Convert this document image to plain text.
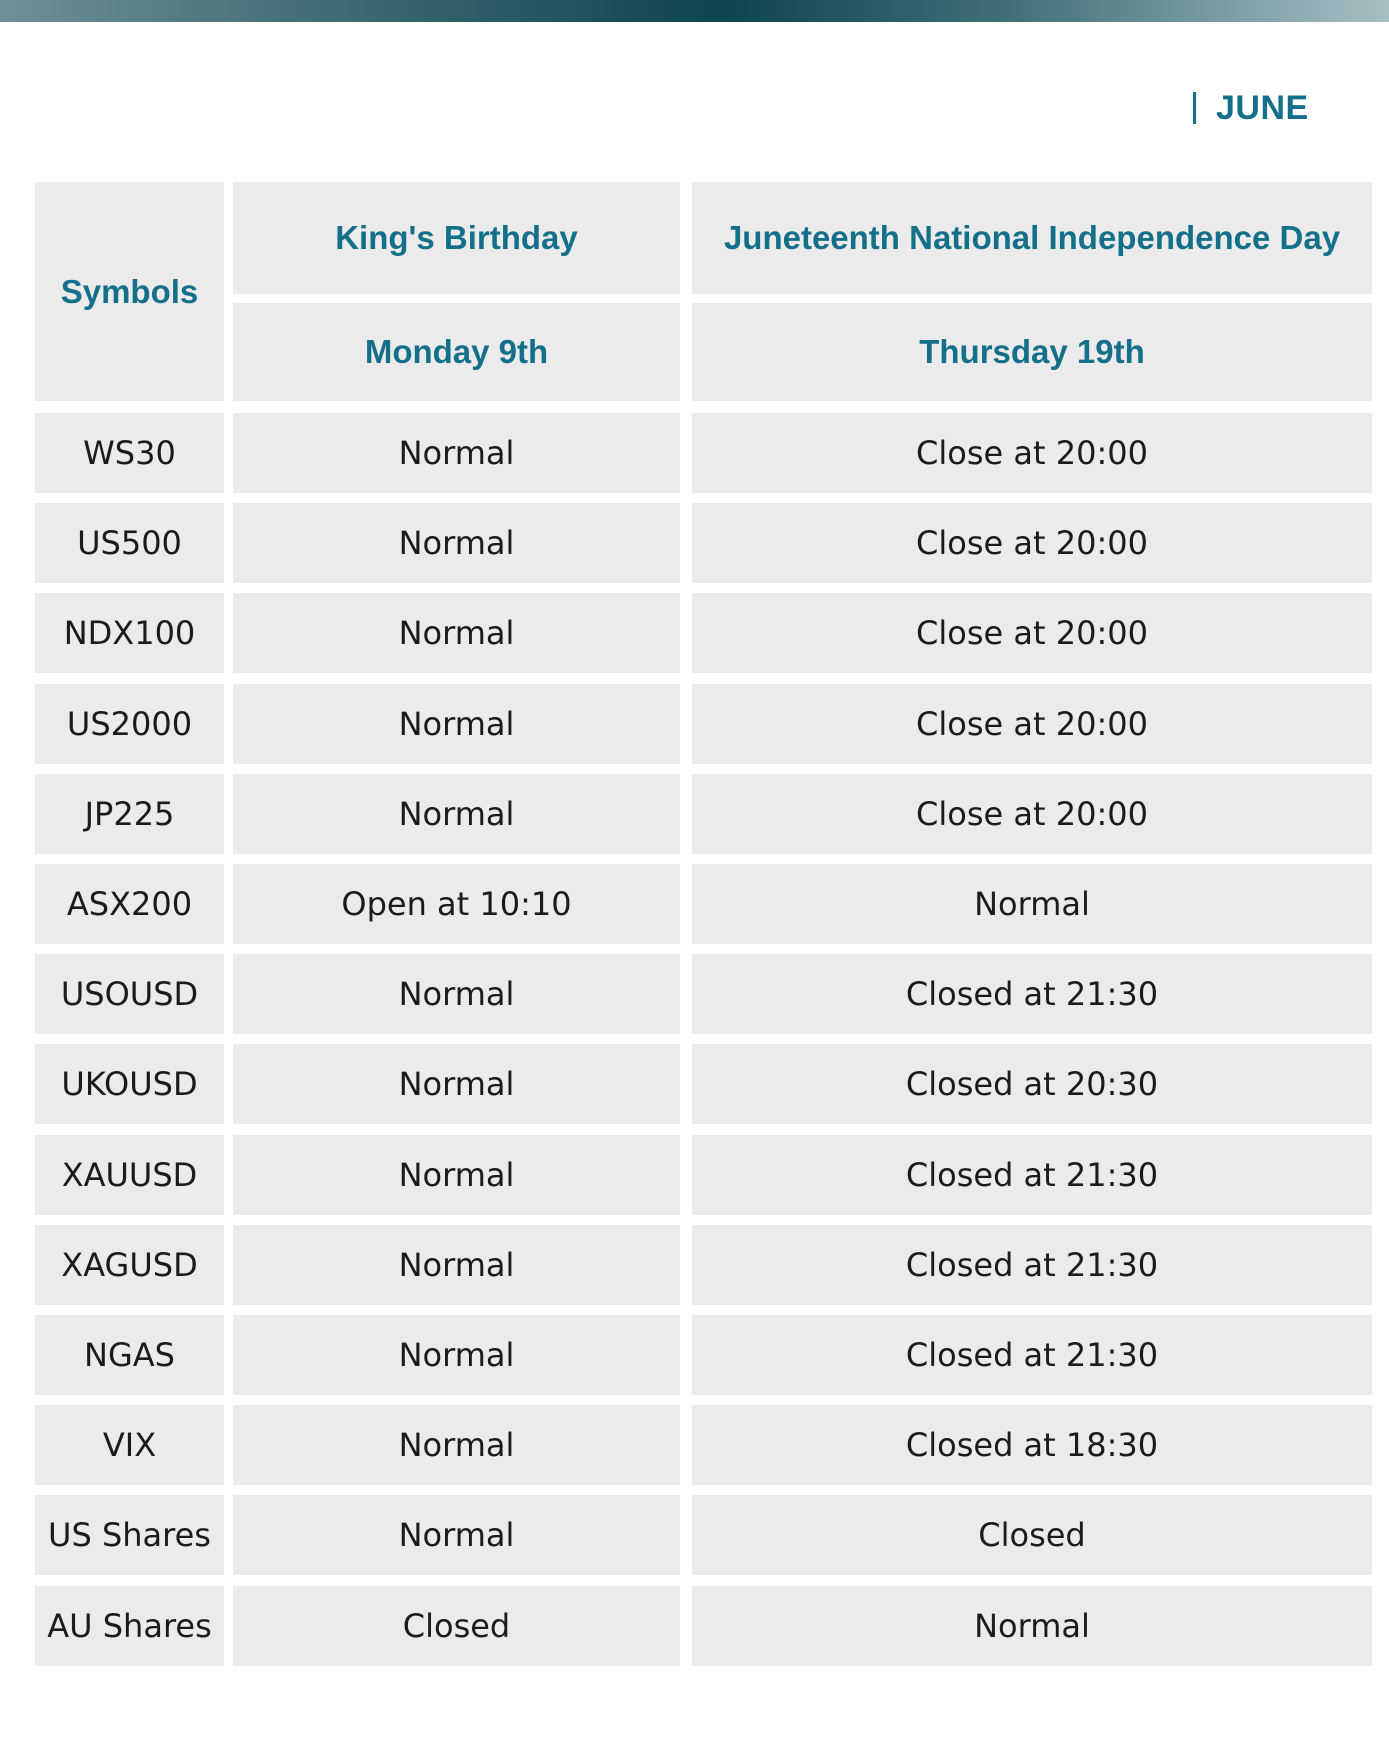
JUNE
Symbols
King's Birthday	Juneteenth National Independence Day
Monday 9th	Thursday 19th
WS30	Normal	Close at 20:00
US500	Normal	Close at 20:00
NDX100	Normal	Close at 20:00
US2000	Normal	Close at 20:00
JP225	Normal	Close at 20:00
ASX200	Open at 10:10	Normal
USOUSD	Normal	Closed at 21:30
UKOUSD	Normal	Closed at 20:30
XAUUSD	Normal	Closed at 21:30
XAGUSD	Normal	Closed at 21:30
NGAS	Normal	Closed at 21:30
VIX	Normal	Closed at 18:30
US Shares	Normal	Closed
AU Shares	Closed	Normal
